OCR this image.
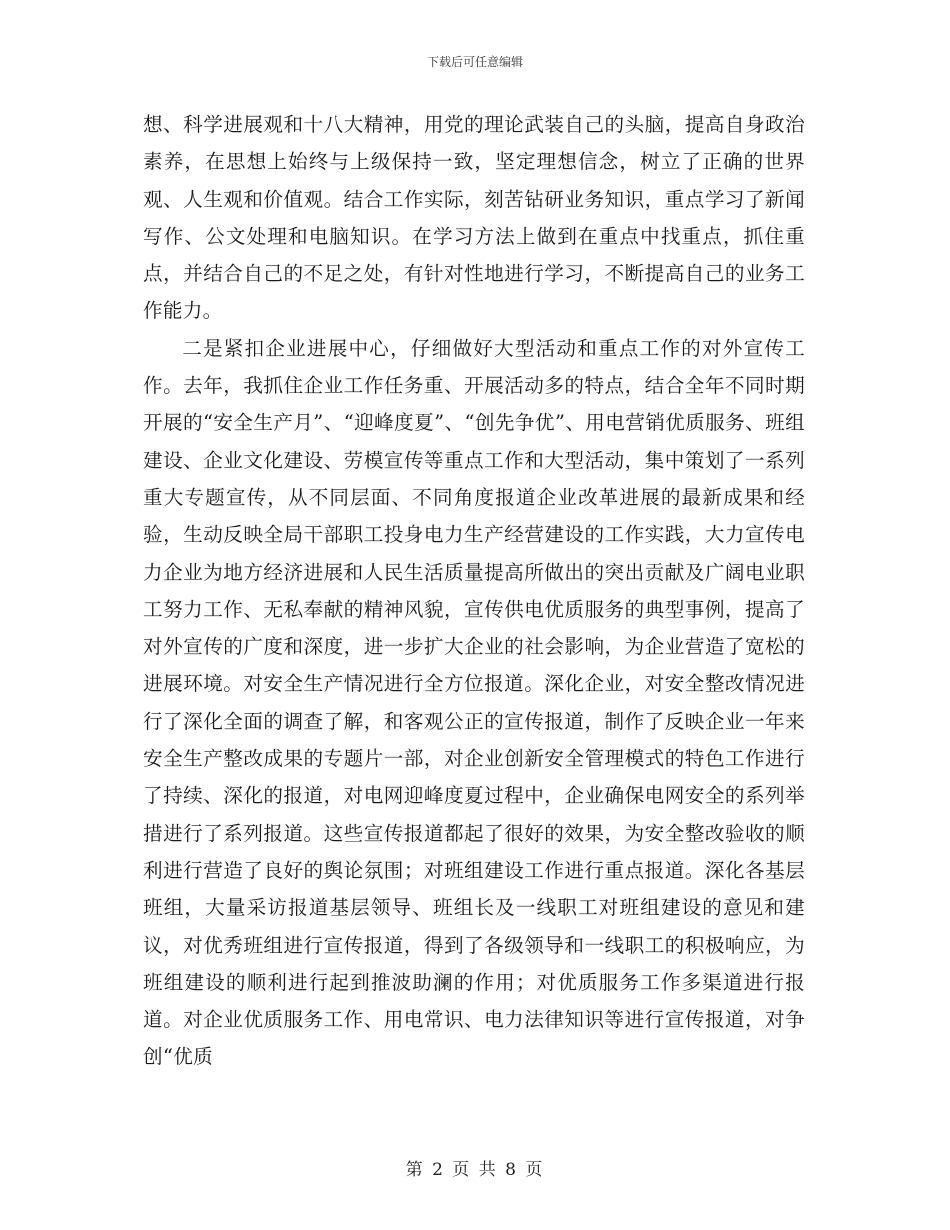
下载后可任意编辑

想、科学进展观和十八大精神，用党的理论武装自己的头脑，提高自身政治素养，在思想上始终与上级保持一致，坚定理想信念，树立了正确的世界观、人生观和价值观。结合工作实际，刻苦钻研业务知识，重点学习了新闻写作、公文处理和电脑知识。在学习方法上做到在重点中找重点，抓住重点，并结合自己的不足之处，有针对性地进行学习，不断提高自己的业务工作能力。

二是紧扣企业进展中心，仔细做好大型活动和重点工作的对外宣传工作。去年，我抓住企业工作任务重、开展活动多的特点，结合全年不同时期开展的“安全生产月”、“迎峰度夏”、“创先争优”、用电营销优质服务、班组建设、企业文化建设、劳模宣传等重点工作和大型活动，集中策划了一系列重大专题宣传，从不同层面、不同角度报道企业改革进展的最新成果和经验，生动反映全局干部职工投身电力生产经营建设的工作实践，大力宣传电力企业为地方经济进展和人民生活质量提高所做出的突出贡献及广阔电业职工努力工作、无私奉献的精神风貌，宣传供电优质服务的典型事例，提高了对外宣传的广度和深度，进一步扩大企业的社会影响，为企业营造了宽松的进展环境。对安全生产情况进行全方位报道。深化企业，对安全整改情况进行了深化全面的调查了解，和客观公正的宣传报道，制作了反映企业一年来安全生产整改成果的专题片一部，对企业创新安全管理模式的特色工作进行了持续、深化的报道，对电网迎峰度夏过程中，企业确保电网安全的系列举措进行了系列报道。这些宣传报道都起了很好的效果，为安全整改验收的顺利进行营造了良好的舆论氛围；对班组建设工作进行重点报道。深化各基层班组，大量采访报道基层领导、班组长及一线职工对班组建设的意见和建议，对优秀班组进行宣传报道，得到了各级领导和一线职工的积极响应，为班组建设的顺利进行起到推波助澜的作用；对优质服务工作多渠道进行报道。对企业优质服务工作、用电常识、电力法律知识等进行宣传报道，对争创“优质

第 2 页 共 8 页
